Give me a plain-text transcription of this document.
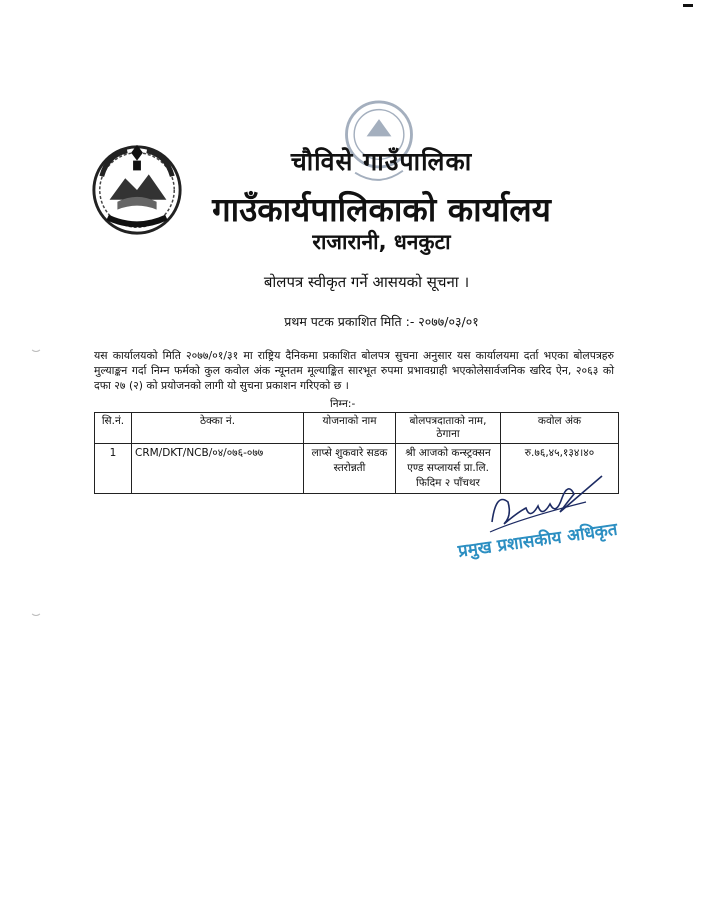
चौविसे गाउँपालिका
गाउँकार्यपालिकाको कार्यालय
राजारानी, धनकुटा
बोलपत्र स्वीकृत गर्ने आसयको सूचना ।
प्रथम पटक प्रकाशित मिति :- २०७७/०३/०१
यस कार्यालयको मिति २०७७/०१/३१ मा राष्ट्रिय दैनिकमा प्रकाशित बोलपत्र सुचना अनुसार यस कार्यालयमा दर्ता भएका बोलपत्रहरु मुल्याङ्कन गर्दा निम्न फर्मको कुल कवोल अंक न्यूनतम मूल्याङ्कित सारभूत रुपमा प्रभावग्राही भएकोलेसार्वजनिक खरिद ऐन, २०६३ को दफा २७ (२) को प्रयोजनको लागी यो सुचना प्रकाशन गरिएको छ ।
निम्न:-
सि.नं.	ठेक्का नं.	योजनाको नाम	बोलपत्रदाताको नाम, ठेगाना	कवोल अंक
1	CRM/DKT/NCB/०४/०७६-०७७	लाप्से शुकवारे सडक स्तरोन्नती	श्री आजको कन्स्ट्रक्सन एण्ड सप्लायर्स प्रा.लि. फिदिम २ पाँचथर	रु.७६,४५,१३४।४०
प्रमुख प्रशासकीय अधिकृत
